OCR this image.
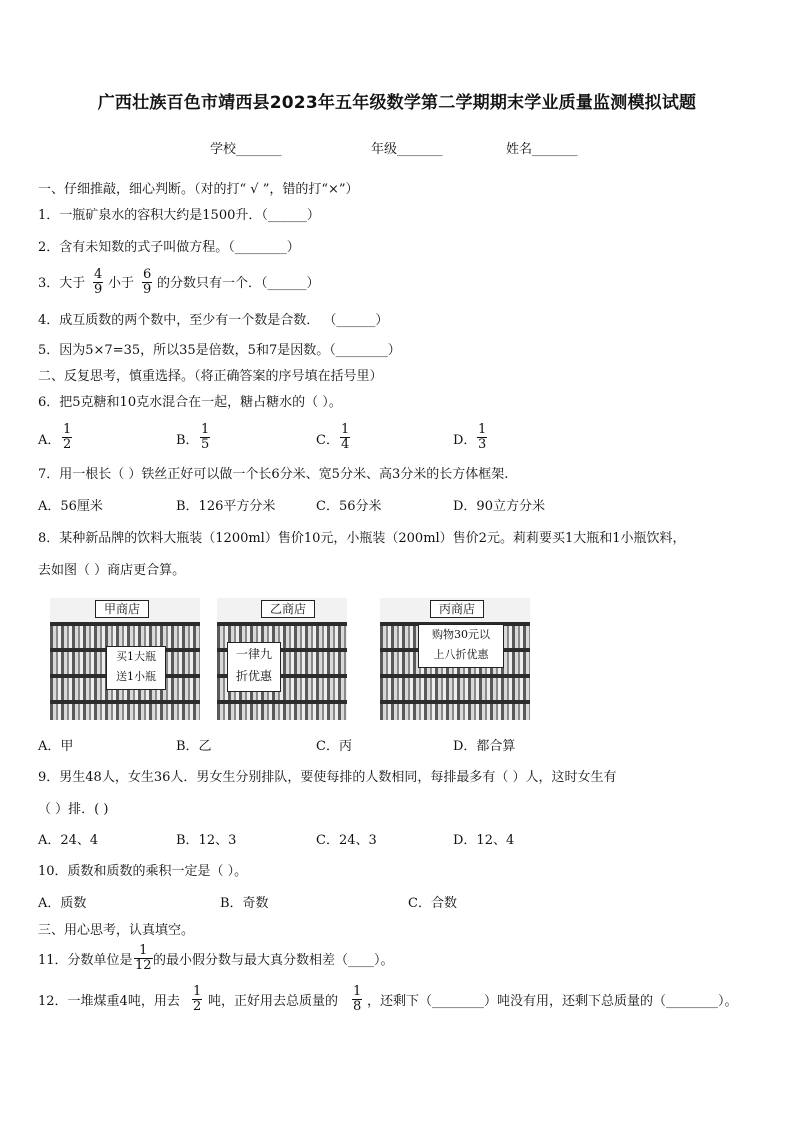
广西壮族百色市靖西县2023年五年级数学第二学期期末学业质量监测模拟试题
学校_______	年级_______	姓名_______
一、仔细推敲，细心判断。（对的打“ √ ”，错的打“×”）
1．一瓶矿泉水的容积大约是1500升．（______）
2．含有未知数的式子叫做方程。（________）
3．大于 $\frac{4}{9}$ 小于 $\frac{6}{9}$ 的分数只有一个．（______）
4．成互质数的两个数中，至少有一个数是合数． （______）
5．因为5×7=35，所以35是倍数，5和7是因数。（________）
二、反复思考，慎重选择。（将正确答案的序号填在括号里）
6．把5克糖和10克水混合在一起，糖占糖水的（ ）。
A． $\frac{1}{2}$	B． $\frac{1}{5}$	C． $\frac{1}{4}$	D． $\frac{1}{3}$
7．用一根长（ ）铁丝正好可以做一个长6分米、宽5分米、高3分米的长方体框架.
A．56厘米	B．126平方分米	C．56分米	D．90立方分米
8．某种新品牌的饮料大瓶装（1200ml）售价10元，小瓶装（200ml）售价2元。莉莉要买1大瓶和1小瓶饮料，
去如图（ ）商店更合算。
甲商店
买1大瓶
送1小瓶
乙商店
一律九
折优惠
丙商店
购物30元以
上八折优惠
A．甲	B．乙	C．丙	D．都合算
9．男生48人，女生36人．男女生分别排队，要使每排的人数相同，每排最多有（ ）人，这时女生有
（ ）排．( )
A．24、4	B．12、3	C．24、3	D．12、4
10．质数和质数的乘积一定是（ ）。
A．质数	B．奇数	C．合数
三、用心思考，认真填空。
11．分数单位是 $\frac{1}{12}$ 的最小假分数与最大真分数相差（____）。
12．一堆煤重4吨，用去 $\frac{1}{2}$ 吨，正好用去总质量的 $\frac{1}{8}$ ，还剩下（________）吨没有用，还剩下总质量的（________）。
